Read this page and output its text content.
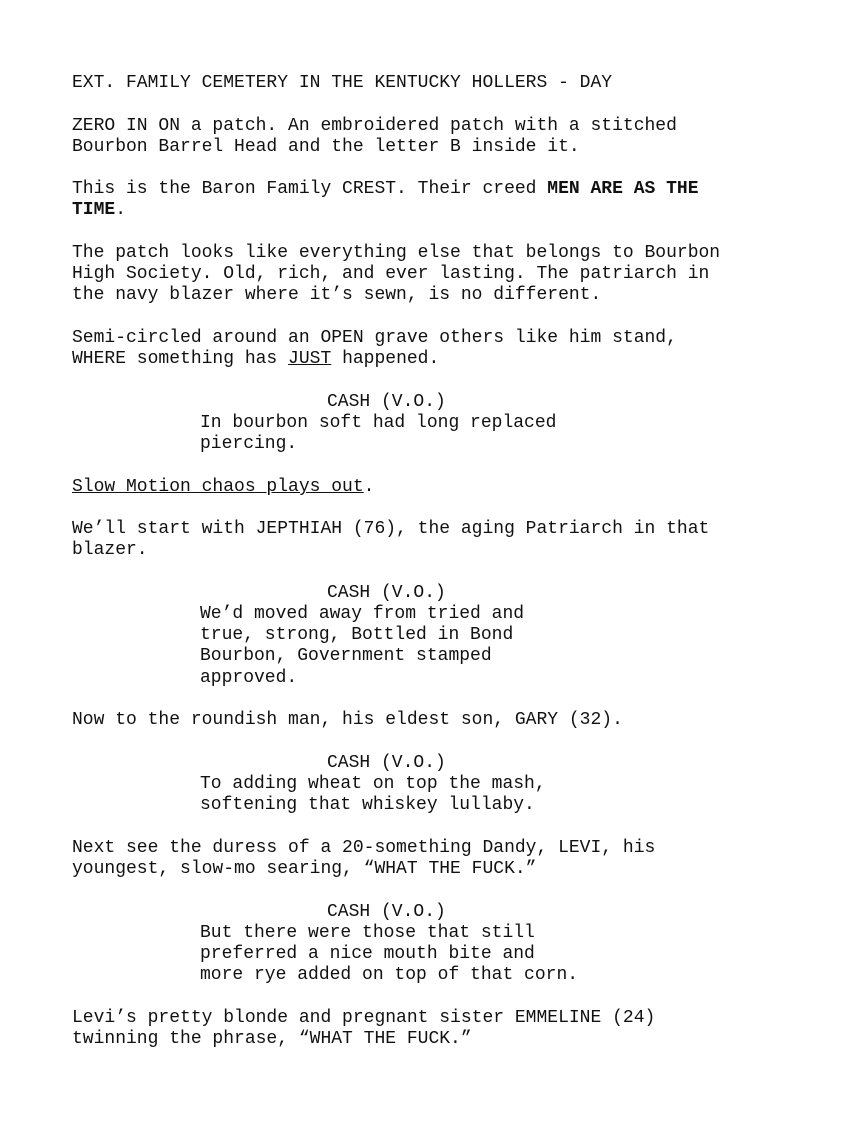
EXT. FAMILY CEMETERY IN THE KENTUCKY HOLLERS - DAY

ZERO IN ON a patch. An embroidered patch with a stitched
Bourbon Barrel Head and the letter B inside it.

This is the Baron Family CREST. Their creed MEN ARE AS THE
TIME.

The patch looks like everything else that belongs to Bourbon
High Society. Old, rich, and ever lasting. The patriarch in
the navy blazer where it’s sewn, is no different.

Semi-circled around an OPEN grave others like him stand,
WHERE something has JUST happened.

CASH (V.O.)

In bourbon soft had long replaced
piercing.

Slow Motion chaos plays out.

We’ll start with JEPTHIAH (76), the aging Patriarch in that
blazer.

CASH (V.O.)

We’d moved away from tried and
true, strong, Bottled in Bond
Bourbon, Government stamped
approved.

Now to the roundish man, his eldest son, GARY (32).

CASH (V.O.)

To adding wheat on top the mash,
softening that whiskey lullaby.

Next see the duress of a 20-something Dandy, LEVI, his
youngest, slow-mo searing, “WHAT THE FUCK.”

CASH (V.O.)

But there were those that still
preferred a nice mouth bite and
more rye added on top of that corn.

Levi’s pretty blonde and pregnant sister EMMELINE (24)
twinning the phrase, “WHAT THE FUCK.”
